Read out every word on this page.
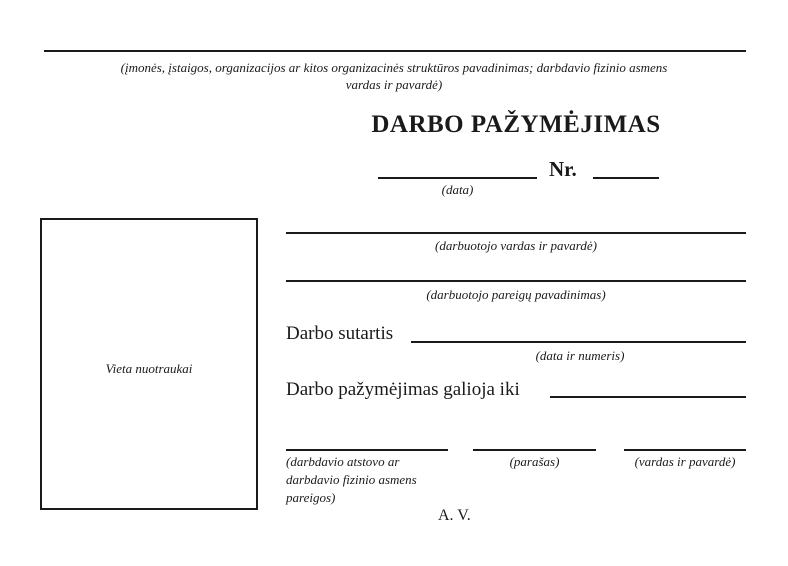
(įmonės, įstaigos, organizacijos ar kitos organizacinės struktūros pavadinimas; darbdavio fizinio asmens
vardas ir pavardė)
DARBO PAŽYMĖJIMAS
Nr.
(data)
Vieta nuotraukai
(darbuotojo vardas ir pavardė)
(darbuotojo pareigų pavadinimas)
Darbo sutartis
(data ir numeris)
Darbo pažymėjimas galioja iki
(darbdavio atstovo ar
darbdavio fizinio asmens
pareigos)
(parašas)	(vardas ir pavardė)
A. V.
